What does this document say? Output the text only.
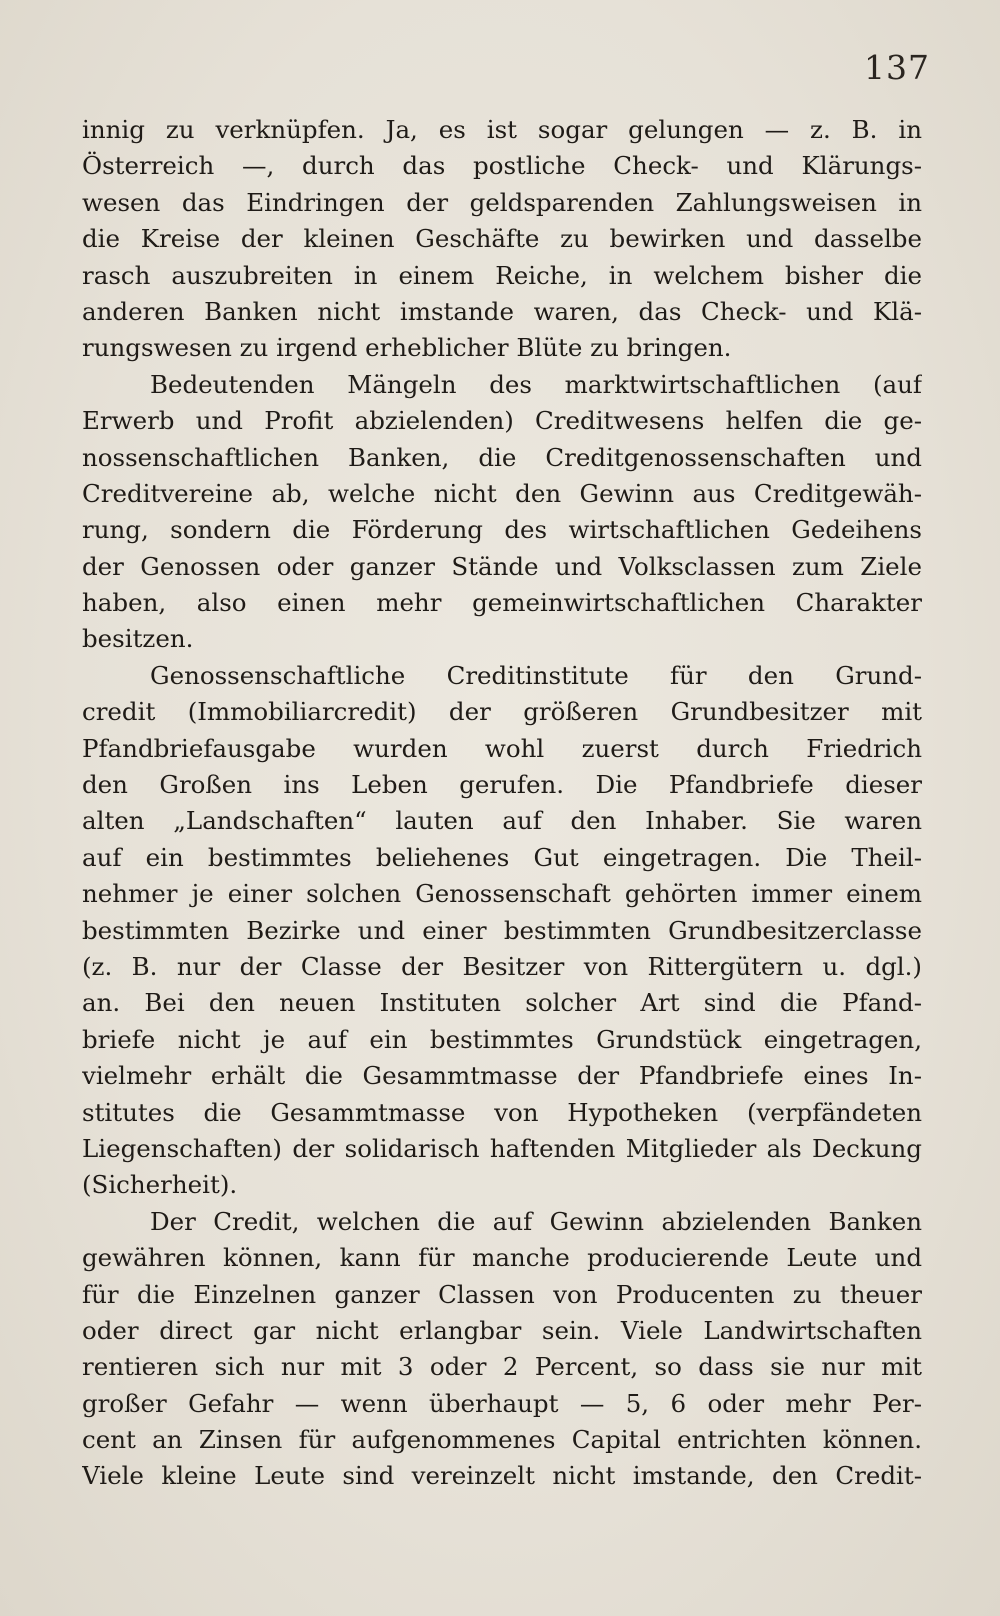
137
innig zu verknüpfen. Ja, es ist sogar gelungen — z. B. in
Österreich —, durch das postliche Check- und Klärungs-
wesen das Eindringen der geldsparenden Zahlungsweisen in
die Kreise der kleinen Geschäfte zu bewirken und dasselbe
rasch auszubreiten in einem Reiche, in welchem bisher die
anderen Banken nicht imstande waren, das Check- und Klä-
rungswesen zu irgend erheblicher Blüte zu bringen.
Bedeutenden Mängeln des marktwirtschaftlichen (auf
Erwerb und Profit abzielenden) Creditwesens helfen die ge-
nossenschaftlichen Banken, die Creditgenossenschaften und
Creditvereine ab, welche nicht den Gewinn aus Creditgewäh-
rung, sondern die Förderung des wirtschaftlichen Gedeihens
der Genossen oder ganzer Stände und Volksclassen zum Ziele
haben, also einen mehr gemeinwirtschaftlichen Charakter
besitzen.
Genossenschaftliche Creditinstitute für den Grund-
credit (Immobiliarcredit) der größeren Grundbesitzer mit
Pfandbriefausgabe wurden wohl zuerst durch Friedrich
den Großen ins Leben gerufen. Die Pfandbriefe dieser
alten „Landschaften“ lauten auf den Inhaber. Sie waren
auf ein bestimmtes beliehenes Gut eingetragen. Die Theil-
nehmer je einer solchen Genossenschaft gehörten immer einem
bestimmten Bezirke und einer bestimmten Grundbesitzerclasse
(z. B. nur der Classe der Besitzer von Rittergütern u. dgl.)
an. Bei den neuen Instituten solcher Art sind die Pfand-
briefe nicht je auf ein bestimmtes Grundstück eingetragen,
vielmehr erhält die Gesammtmasse der Pfandbriefe eines In-
stitutes die Gesammtmasse von Hypotheken (verpfändeten
Liegenschaften) der solidarisch haftenden Mitglieder als Deckung
(Sicherheit).
Der Credit, welchen die auf Gewinn abzielenden Banken
gewähren können, kann für manche producierende Leute und
für die Einzelnen ganzer Classen von Producenten zu theuer
oder direct gar nicht erlangbar sein. Viele Landwirtschaften
rentieren sich nur mit 3 oder 2 Percent, so dass sie nur mit
großer Gefahr — wenn überhaupt — 5, 6 oder mehr Per-
cent an Zinsen für aufgenommenes Capital entrichten können.
Viele kleine Leute sind vereinzelt nicht imstande, den Credit-
